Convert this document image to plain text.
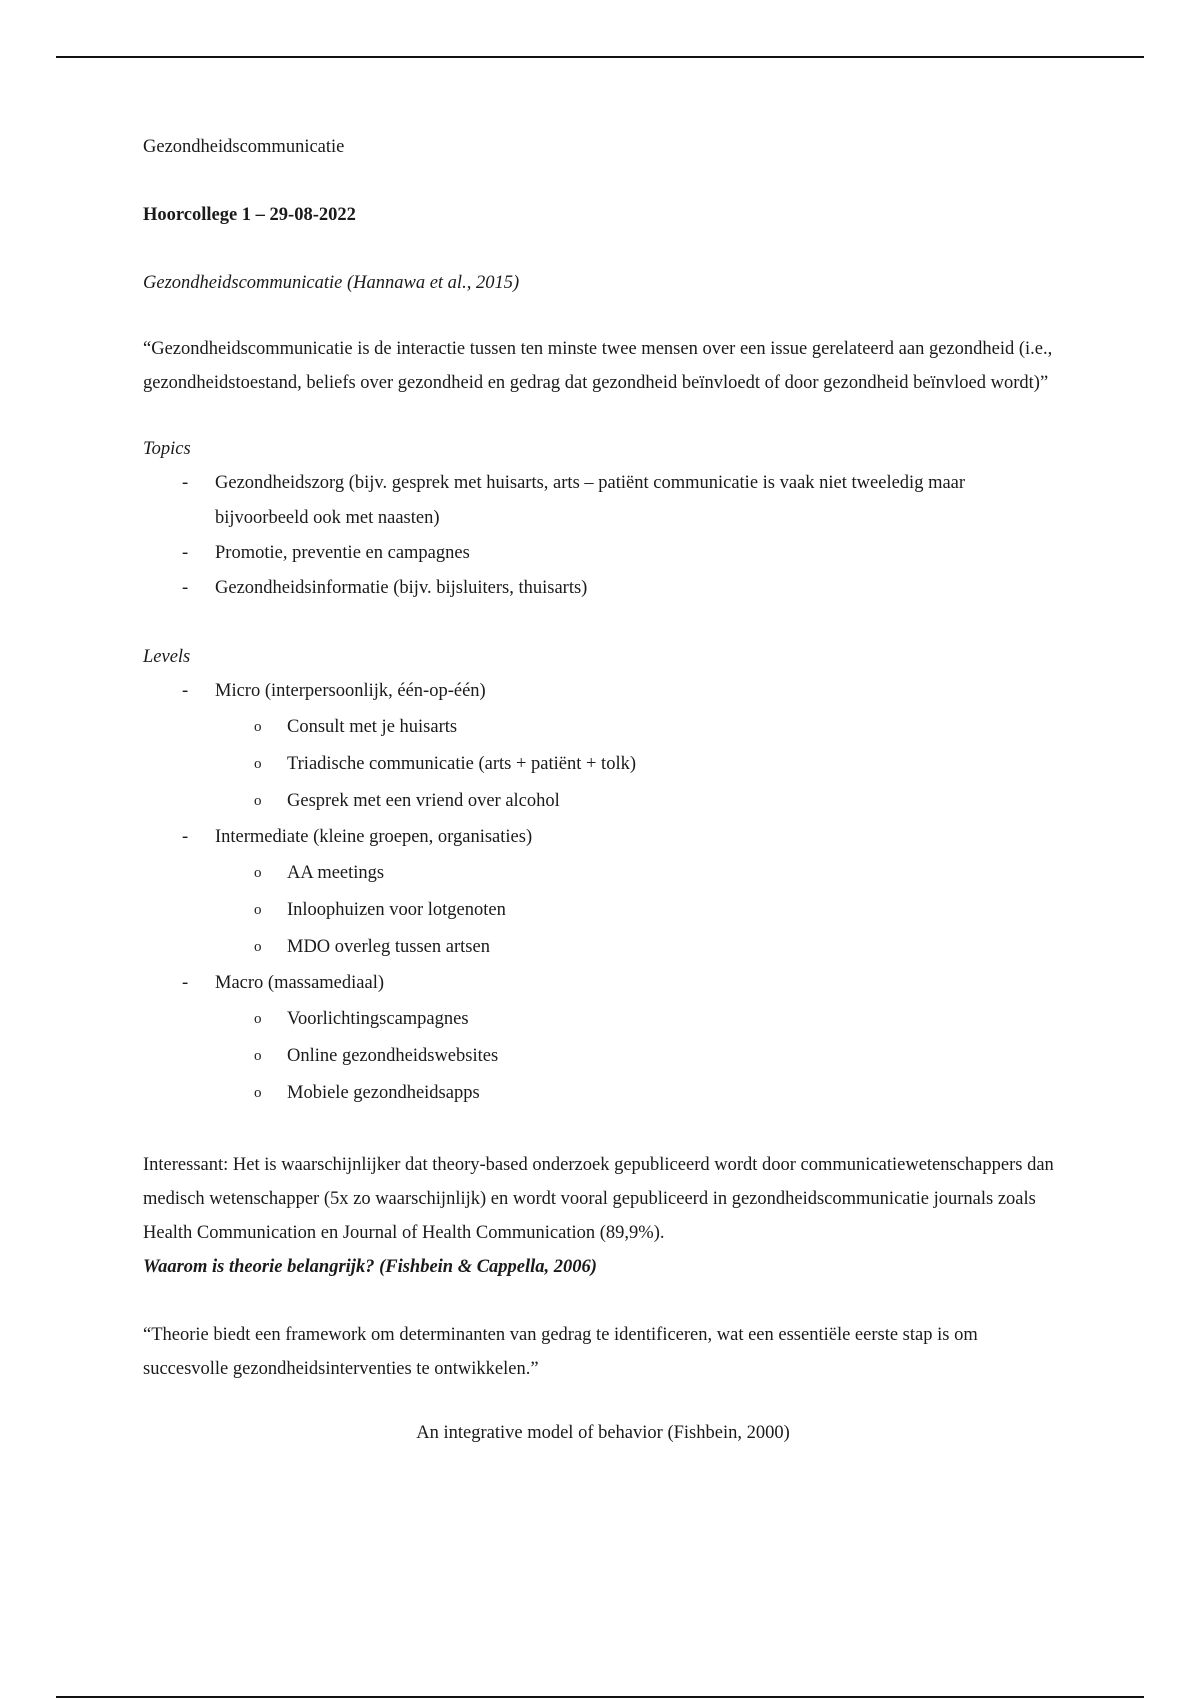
Gezondheidscommunicatie
Hoorcollege 1 – 29-08-2022
Gezondheidscommunicatie (Hannawa et al., 2015)
“Gezondheidscommunicatie is de interactie tussen ten minste twee mensen over een issue gerelateerd aan gezondheid (i.e., gezondheidstoestand, beliefs over gezondheid en gedrag dat gezondheid beïnvloedt of door gezondheid beïnvloed wordt)”
Topics
- Gezondheidszorg (bijv. gesprek met huisarts, arts – patiënt communicatie is vaak niet tweeledig maar bijvoorbeeld ook met naasten)
- Promotie, preventie en campagnes
- Gezondheidsinformatie (bijv. bijsluiters, thuisarts)
Levels
- Micro (interpersoonlijk, één-op-één)
o Consult met je huisarts
o Triadische communicatie (arts + patiënt + tolk)
o Gesprek met een vriend over alcohol
- Intermediate (kleine groepen, organisaties)
o AA meetings
o Inloophuizen voor lotgenoten
o MDO overleg tussen artsen
- Macro (massamediaal)
o Voorlichtingscampagnes
o Online gezondheidswebsites
o Mobiele gezondheidsapps
Interessant: Het is waarschijnlijker dat theory-based onderzoek gepubliceerd wordt door communicatiewetenschappers dan medisch wetenschapper (5x zo waarschijnlijk) en wordt vooral gepubliceerd in gezondheidscommunicatie journals zoals Health Communication en Journal of Health Communication (89,9%).
Waarom is theorie belangrijk? (Fishbein & Cappella, 2006)
“Theorie biedt een framework om determinanten van gedrag te identificeren, wat een essentiële eerste stap is om succesvolle gezondheidsinterventies te ontwikkelen.”
An integrative model of behavior (Fishbein, 2000)
